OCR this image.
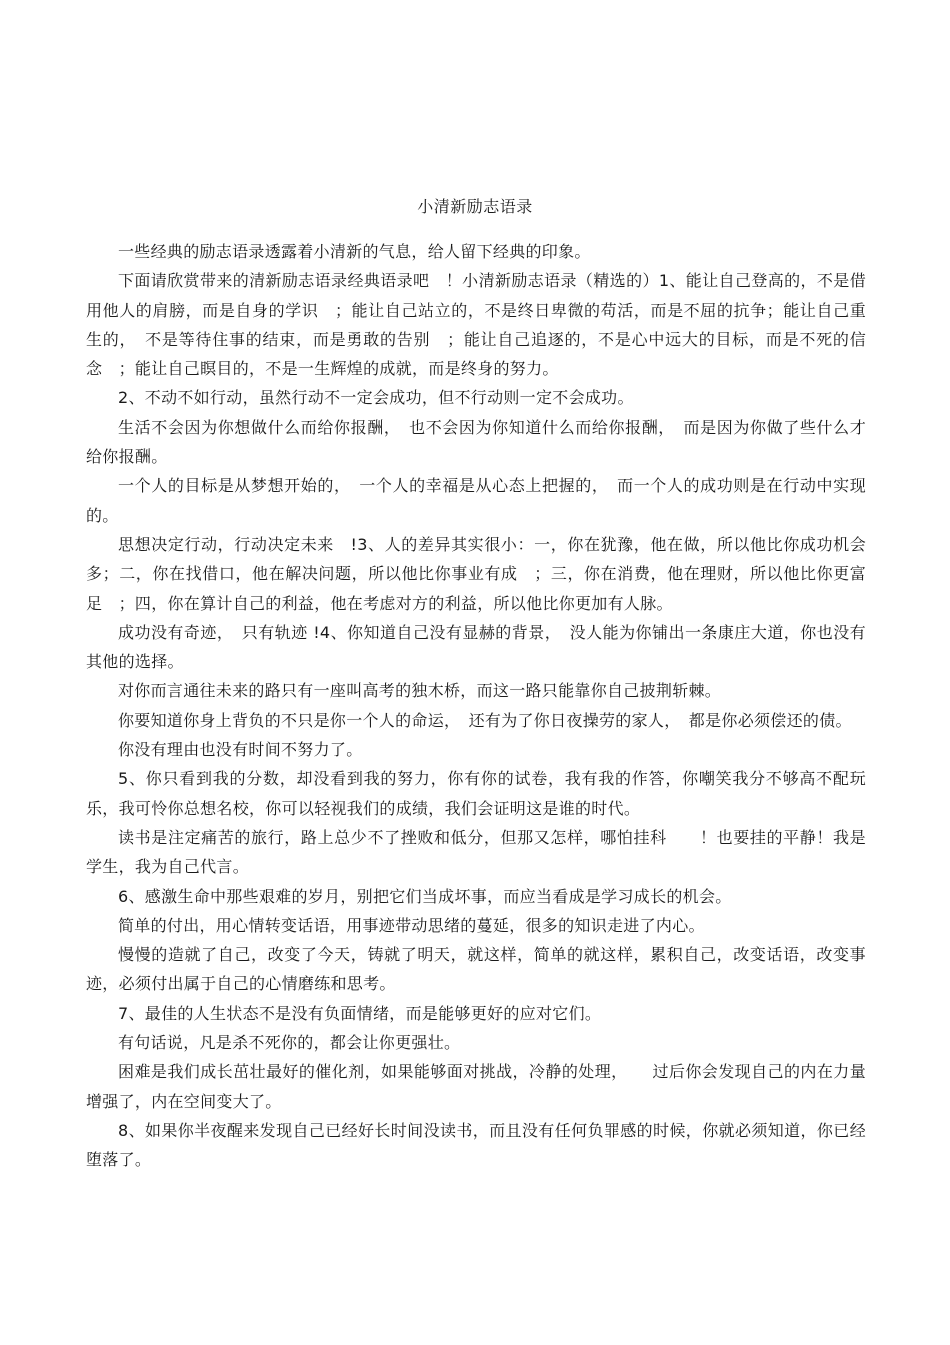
小清新励志语录

一些经典的励志语录透露着小清新的气息，给人留下经典的印象。

下面请欣赏带来的清新励志语录经典语录吧　！小清新励志语录（精选的）1、能让自己登高的，不是借用他人的肩膀，而是自身的学识　；能让自己站立的，不是终日卑微的苟活，而是不屈的抗争；能让自己重生的，　不是等待住事的结束，而是勇敢的告别　；能让自己追逐的，不是心中远大的目标，而是不死的信念　；能让自己瞑目的，不是一生辉煌的成就，而是终身的努力。

2、不动不如行动，虽然行动不一定会成功，但不行动则一定不会成功。

生活不会因为你想做什么而给你报酬，　也不会因为你知道什么而给你报酬，　而是因为你做了些什么才给你报酬。

一个人的目标是从梦想开始的，　一个人的幸福是从心态上把握的，　而一个人的成功则是在行动中实现的。

思想决定行动，行动决定未来　!3、人的差异其实很小：一，你在犹豫，他在做，所以他比你成功机会多；二，你在找借口，他在解决问题，所以他比你事业有成　；三，你在消费，他在理财，所以他比你更富足　；四，你在算计自己的利益，他在考虑对方的利益，所以他比你更加有人脉。

成功没有奇迹，　只有轨迹 !4、你知道自己没有显赫的背景，　没人能为你铺出一条康庄大道，你也没有其他的选择。

对你而言通往未来的路只有一座叫高考的独木桥，而这一路只能靠你自己披荆斩棘。

你要知道你身上背负的不只是你一个人的命运，　还有为了你日夜操劳的家人，　都是你必须偿还的债。

你没有理由也没有时间不努力了。

5、你只看到我的分数，却没看到我的努力，你有你的试卷，我有我的作答，你嘲笑我分不够高不配玩乐，我可怜你总想名校，你可以轻视我们的成绩，我们会证明这是谁的时代。

读书是注定痛苦的旅行，路上总少不了挫败和低分，但那又怎样，哪怕挂科　　！也要挂的平静！我是学生，我为自己代言。

6、感激生命中那些艰难的岁月，别把它们当成坏事，而应当看成是学习成长的机会。

简单的付出，用心情转变话语，用事迹带动思绪的蔓延，很多的知识走进了内心。

慢慢的造就了自己，改变了今天，铸就了明天，就这样，简单的就这样，累积自己，改变话语，改变事迹，必须付出属于自己的心情磨练和思考。

7、最佳的人生状态不是没有负面情绪，而是能够更好的应对它们。

有句话说，凡是杀不死你的，都会让你更强壮。

困难是我们成长茁壮最好的催化剂，如果能够面对挑战，冷静的处理，　　过后你会发现自己的内在力量增强了，内在空间变大了。

8、如果你半夜醒来发现自己已经好长时间没读书，而且没有任何负罪感的时候，你就必须知道，你已经堕落了。
